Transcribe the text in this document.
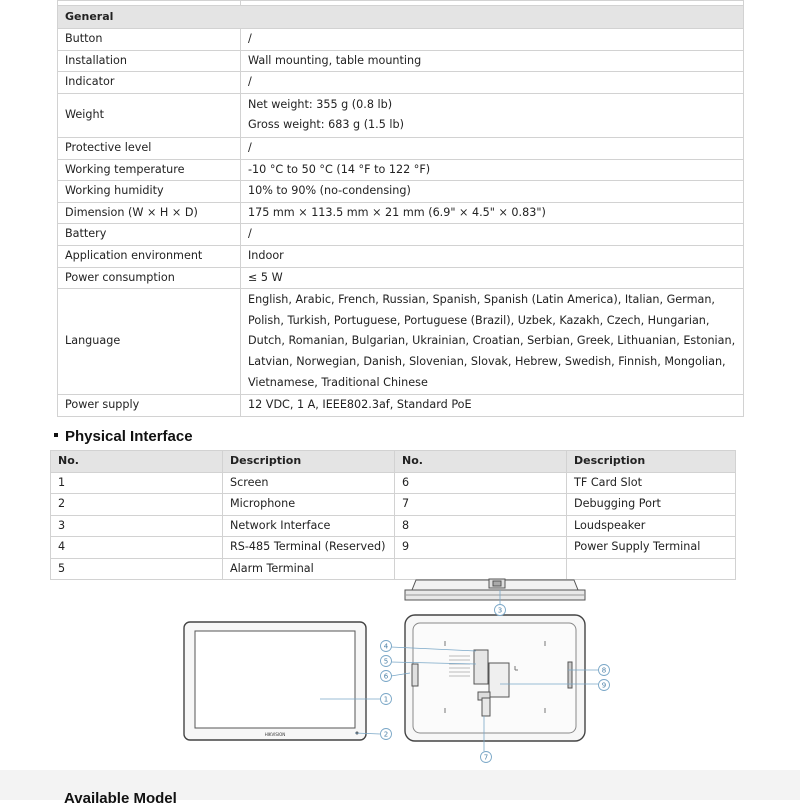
General	
Button	/
Installation	Wall mounting, table mounting
Indicator	/
Weight	Net weight: 355 g (0.8 lb)
Gross weight: 683 g (1.5 lb)

Protective level	/
Working temperature	-10 °C to 50 °C (14 °F to 122 °F)
Working humidity	10% to 90% (no-condensing)
Dimension (W × H × D)	175 mm × 113.5 mm × 21 mm (6.9" × 4.5" × 0.83")
Battery	/
Application environment	Indoor
Power consumption	≤ 5 W
Language	English, Arabic, French, Russian, Spanish, Spanish (Latin America), Italian, German,
Polish, Turkish, Portuguese, Portuguese (Brazil), Uzbek, Kazakh, Czech, Hungarian,
Dutch, Romanian, Bulgarian, Ukrainian, Croatian, Serbian, Greek, Lithuanian, Estonian,
Latvian, Norwegian, Danish, Slovenian, Slovak, Hebrew, Swedish, Finnish, Mongolian,
Vietnamese, Traditional Chinese

Power supply	12 VDC, 1 A, IEEE802.3af, Standard PoE
Physical Interface
No.	Description	No.	Description
1	Screen	6	TF Card Slot
2	Microphone	7	Debugging Port
3	Network Interface	8	Loudspeaker
4	RS-485 Terminal (Reserved)	9	Power Supply Terminal
5	Alarm Terminal		
HIKVISION
3
4
5
6
1
2
7
8
9
Available Model
